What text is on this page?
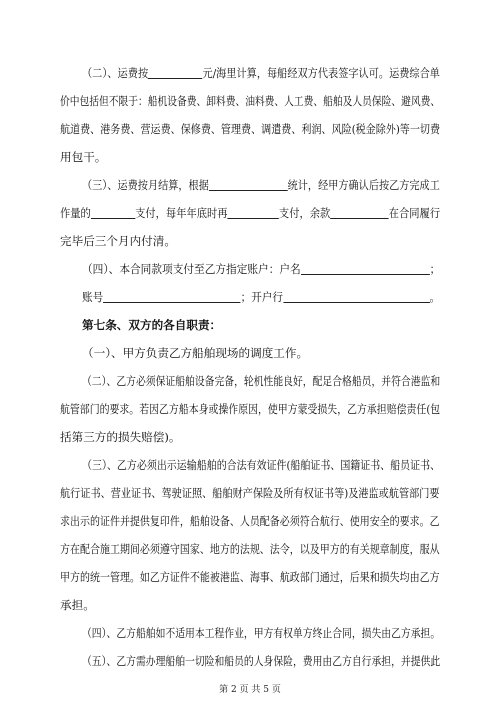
（二）、运费按	元/海里计算，每船经双方代表签字认可。运费综合单
价中包括但不限于：船机设备费、卸料费、油料费、人工费、船舶及人员保险、避风费、
航道费、港务费、营运费、保修费、管理费、调遣费、利润、风险(税金除外)等一切费
用包干。
（三）、运费按月结算，根据	统计，经甲方确认后按乙方完成工
作量的	支付，每年年底时再	支付，余款	在合同履行
完毕后三个月内付清。
（四）、本合同款项支付至乙方指定账户：户名	；
账号	；开户行	。
第七条、双方的各自职责：
（一）、甲方负责乙方船舶现场的调度工作。
（二）、乙方必须保证船舶设备完备，轮机性能良好，配足合格船员，并符合港监和
航管部门的要求。若因乙方船本身或操作原因，使甲方蒙受损失，乙方承担赔偿责任(包
括第三方的损失赔偿)。
（三）、乙方必须出示运输船舶的合法有效证件(船舶证书、国籍证书、船员证书、
航行证书、营业证书、驾驶证照、船舶财产保险及所有权证书等)及港监或航管部门要
求出示的证件并提供复印件，船舶设备、人员配备必须符合航行、使用安全的要求。乙
方在配合施工期间必须遵守国家、地方的法规、法令，以及甲方的有关规章制度，服从
甲方的统一管理。如乙方证件不能被港监、海事、航政部门通过，后果和损失均由乙方
承担。
（四）、乙方船舶如不适用本工程作业，甲方有权单方终止合同，损失由乙方承担。
（五）、乙方需办理船舶一切险和船员的人身保险，费用由乙方自行承担，并提供此
第 2 页 共 5 页
